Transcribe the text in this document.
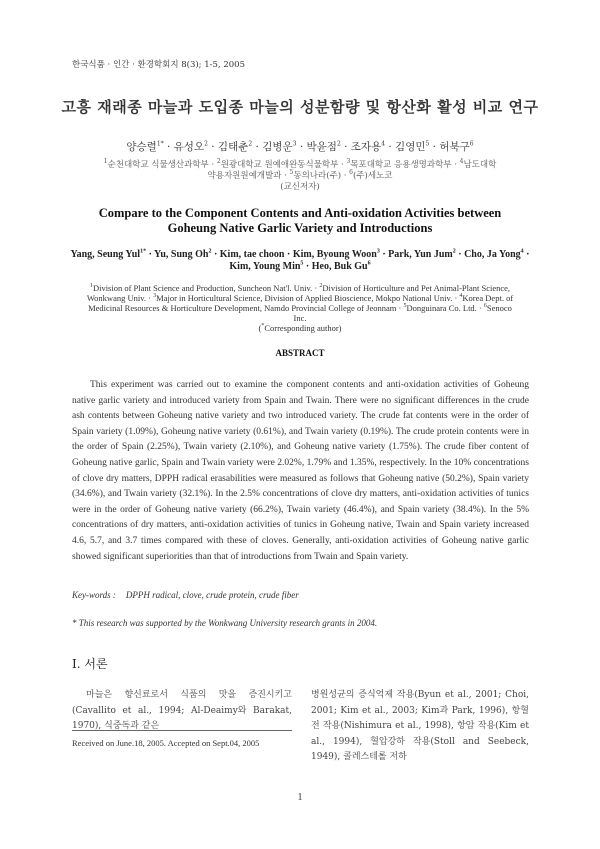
한국식품 · 인간 · 환경학회지 8(3); 1-5, 2005
고흥 재래종 마늘과 도입종 마늘의 성분함량 및 항산화 활성 비교 연구
양승렬$^{1*}$ · 유성오$^2$ · 김태춘$^2$ · 김병운$^3$ · 박윤점$^2$ · 조자용$^4$ · 김영민$^5$ · 허북구$^6$
$^1$순천대학교 식물생산과학부 · $^2$원광대학교 원예애완동식물학부 · $^3$목포대학교 응용생명과학부 · $^4$남도대학
약용자원원예개발과 · $^5$동의나라(주) · $^6$(주)세노코
(교신저자)
Compare to the Component Contents and Anti-oxidation Activities between
Goheung Native Garlic Variety and Introductions
Yang, Seung Yul$^{1*}$ · Yu, Sung $Oh^2$ · Kim, tae choon · Kim, Byoung Woon$^3$ · Park, Yun Jum$^2$ · Cho, Ja Yong$^4$ ·
Kim, Young Min$^5$ · Heo, Buk Gu$^6$
$^1$Division of Plant Science and Production, Suncheon Nat'l. Univ. · $^2$Division of Horticulture and Pet Animal-Plant Science,
Wonkwang Univ. · $^3$Major in Horticultural Science, Division of Applied Bioscience, Mokpo National Univ. · $^4$Korea Dept. of
Medicinal Resources & Horticulture Development, Namdo Provincial College of Jeonnam · $^5$Donguinara Co. Ltd. · $^6$Senoco
Inc.
(*Corresponding author)
ABSTRACT
This experiment was carried out to examine the component contents and anti-oxidation activities of Goheung native garlic variety and introduced variety from Spain and Twain. There were no significant differences in the crude ash contents between Goheung native variety and two introduced variety. The crude fat contents were in the order of Spain variety (1.09%), Goheung native variety (0.61%), and Twain variety (0.19%). The crude protein contents were in the order of Spain (2.25%), Twain variety (2.10%), and Goheung native variety (1.75%). The crude fiber content of Goheung native garlic, Spain and Twain variety were 2.02%, 1.79% and 1.35%, respectively. In the 10% concentrations of clove dry matters, DPPH radical erasabilities were measured as follows that Goheung native (50.2%), Spain variety (34.6%), and Twain variety (32.1%). In the 2.5% concentrations of clove dry matters, anti-oxidation activities of tunics were in the order of Goheung native variety (66.2%), Twain variety (46.4%), and Spain variety (38.4%). In the 5% concentrations of dry matters, anti-oxidation activities of tunics in Goheung native, Twain and Spain variety increased 4.6, 5.7, and 3.7 times compared with these of cloves. Generally, anti-oxidation activities of Goheung native garlic showed significant superiorities than that of introductions from Twain and Spain variety.
Key-words : DPPH radical, clove, crude protein, crude fiber
* This research was supported by the Wonkwang University research grants in 2004.
Ⅰ. 서론
마늘은 향신료로서 식품의 맛을 증진시키고(Cavallito et al., 1994; Al-Deaimy와 Barakat, 1970), 식중독과 같은
병원성균의 증식억제 작용(Byun et al., 2001; Choi, 2001; Kim et al., 2003; Kim과 Park, 1996), 항혈전 작용(Nishimura et al., 1998), 항암 작용(Kim et al., 1994), 혈압강하 작용(Stoll and Seebeck, 1949), 콜레스테롤 저하
Received on June.18, 2005. Accepted on Sept.04, 2005
1
